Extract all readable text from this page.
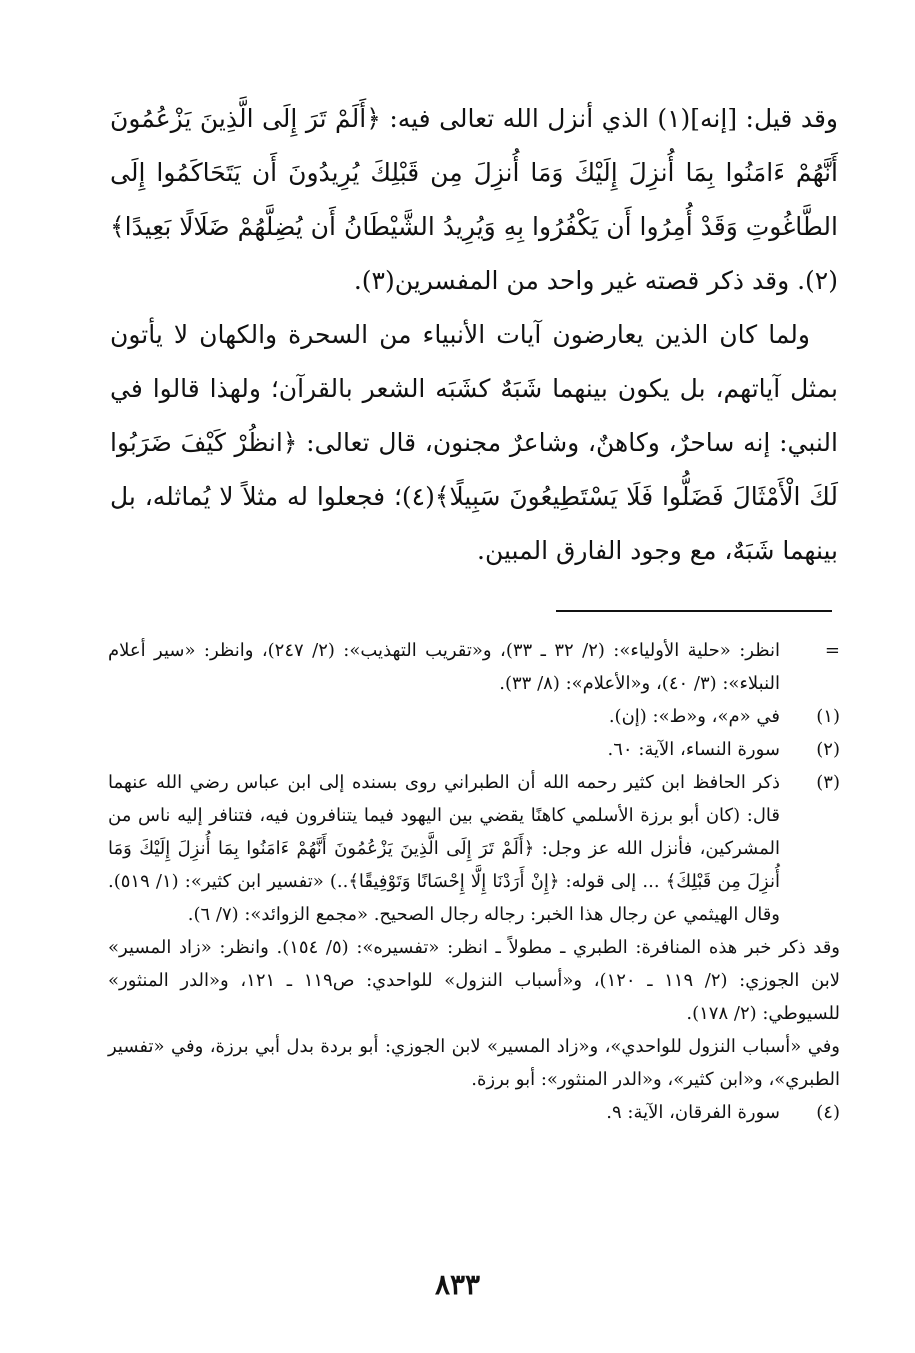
وقد قيل: [إنه](١) الذي أنزل الله تعالى فيه: ﴿أَلَمْ تَرَ إِلَى الَّذِينَ يَزْعُمُونَ أَنَّهُمْ ءَامَنُوا بِمَا أُنزِلَ إِلَيْكَ وَمَا أُنزِلَ مِن قَبْلِكَ يُرِيدُونَ أَن يَتَحَاكَمُوا إِلَى الطَّاغُوتِ وَقَدْ أُمِرُوا أَن يَكْفُرُوا بِهِ وَيُرِيدُ الشَّيْطَانُ أَن يُضِلَّهُمْ ضَلَالًا بَعِيدًا﴾(٢). وقد ذكر قصته غير واحد من المفسرين(٣).

ولما كان الذين يعارضون آيات الأنبياء من السحرة والكهان لا يأتون بمثل آياتهم، بل يكون بينهما شَبَهٌ كشَبَه الشعر بالقرآن؛ ولهذا قالوا في النبي: إنه ساحرٌ، وكاهنٌ، وشاعرٌ مجنون، قال تعالى: ﴿انظُرْ كَيْفَ ضَرَبُوا لَكَ الْأَمْثَالَ فَضَلُّوا فَلَا يَسْتَطِيعُونَ سَبِيلًا﴾(٤)؛ فجعلوا له مثلاً لا يُماثله، بل بينهما شَبَهٌ، مع وجود الفارق المبين.

=
انظر: «حلية الأولياء»: (٢/ ٣٢ ـ ٣٣)، و«تقريب التهذيب»: (٢/ ٢٤٧)، وانظر: «سير أعلام النبلاء»: (٣/ ٤٠)، و«الأعلام»: (٨/ ٣٣).
(١)
في «م»، و«ط»: (إن).
(٢)
سورة النساء، الآية: ٦٠.
(٣)
ذكر الحافظ ابن كثير رحمه الله أن الطبراني روى بسنده إلى ابن عباس رضي الله عنهما قال: (كان أبو برزة الأسلمي كاهنًا يقضي بين اليهود فيما يتنافرون فيه، فتنافر إليه ناس من المشركين، فأنزل الله عز وجل: ﴿أَلَمْ تَرَ إِلَى الَّذِينَ يَزْعُمُونَ أَنَّهُمْ ءَامَنُوا بِمَا أُنزِلَ إِلَيْكَ وَمَا أُنزِلَ مِن قَبْلِكَ﴾ ... إلى قوله: ﴿إِنْ أَرَدْنَا إِلَّا إِحْسَانًا وَتَوْفِيقًا﴾..) «تفسير ابن كثير»: (١/ ٥١٩). وقال الهيثمي عن رجال هذا الخبر: رجاله رجال الصحيح. «مجمع الزوائد»: (٧/ ٦).
وقد ذكر خبر هذه المنافرة: الطبري ـ مطولاً ـ انظر: «تفسيره»: (٥/ ١٥٤). وانظر: «زاد المسير» لابن الجوزي: (٢/ ١١٩ ـ ١٢٠)، و«أسباب النزول» للواحدي: ص١١٩ ـ ١٢١، و«الدر المنثور» للسيوطي: (٢/ ١٧٨).
وفي «أسباب النزول للواحدي»، و«زاد المسير» لابن الجوزي: أبو بردة بدل أبي برزة، وفي «تفسير الطبري»، و«ابن كثير»، و«الدر المنثور»: أبو برزة.
(٤)
سورة الفرقان، الآية: ٩.
٨٣٣
